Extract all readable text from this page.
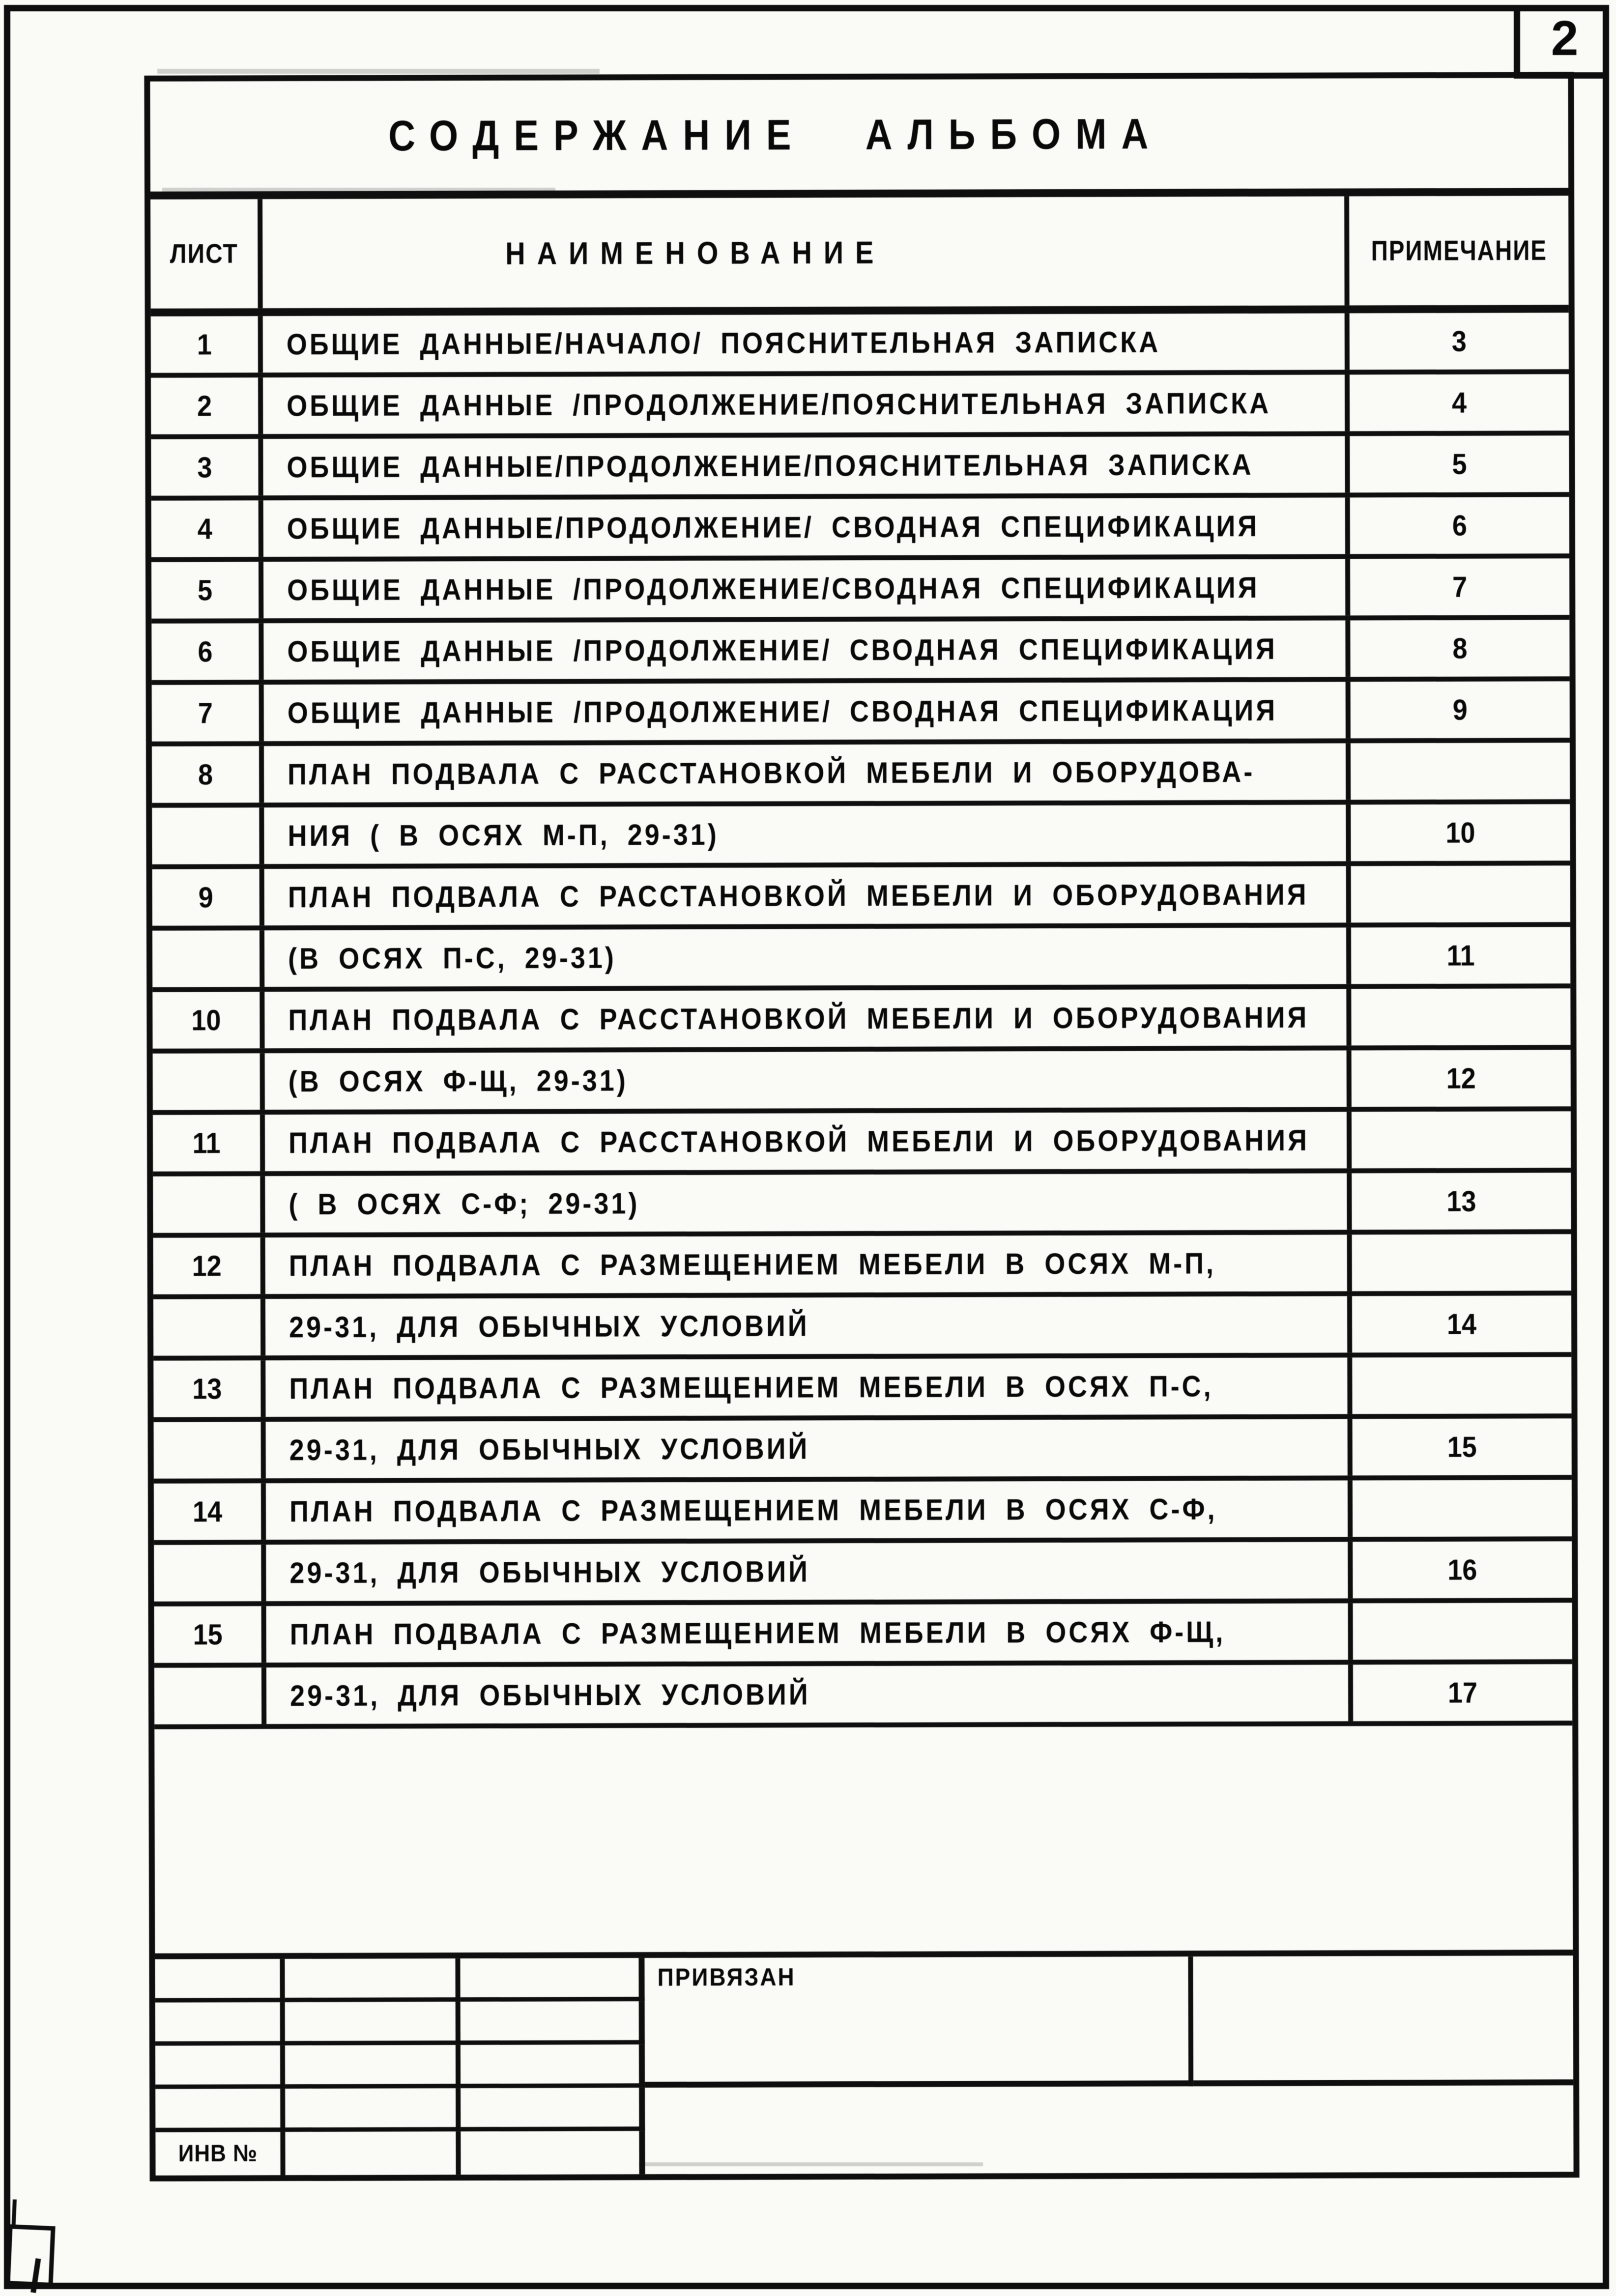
2
СОДЕРЖАНИЕ АЛЬБОМА
ЛИСТ	НАИМЕНОВАНИЕ	ПРИМЕЧАНИЕ
1	ОБЩИЕ ДАННЫЕ/НАЧАЛО/ ПОЯСНИТЕЛЬНАЯ ЗАПИСКА	3
2	ОБЩИЕ ДАННЫЕ /ПРОДОЛЖЕНИЕ/ПОЯСНИТЕЛЬНАЯ ЗАПИСКА	4
3	ОБЩИЕ ДАННЫЕ/ПРОДОЛЖЕНИЕ/ПОЯСНИТЕЛЬНАЯ ЗАПИСКА	5
4	ОБЩИЕ ДАННЫЕ/ПРОДОЛЖЕНИЕ/ СВОДНАЯ СПЕЦИФИКАЦИЯ	6
5	ОБЩИЕ ДАННЫЕ /ПРОДОЛЖЕНИЕ/СВОДНАЯ СПЕЦИФИКАЦИЯ	7
6	ОБЩИЕ ДАННЫЕ /ПРОДОЛЖЕНИЕ/ СВОДНАЯ СПЕЦИФИКАЦИЯ	8
7	ОБЩИЕ ДАННЫЕ /ПРОДОЛЖЕНИЕ/ СВОДНАЯ СПЕЦИФИКАЦИЯ	9
8	ПЛАН ПОДВАЛА С РАССТАНОВКОЙ МЕБЕЛИ И ОБОРУДОВА-
НИЯ ( В ОСЯХ М-П, 29-31)	10
9	ПЛАН ПОДВАЛА С РАССТАНОВКОЙ МЕБЕЛИ И ОБОРУДОВАНИЯ
(В ОСЯХ П-С, 29-31)	11
10	ПЛАН ПОДВАЛА С РАССТАНОВКОЙ МЕБЕЛИ И ОБОРУДОВАНИЯ
(В ОСЯХ Ф-Щ, 29-31)	12
11	ПЛАН ПОДВАЛА С РАССТАНОВКОЙ МЕБЕЛИ И ОБОРУДОВАНИЯ
( В ОСЯХ С-Ф; 29-31)	13
12	ПЛАН ПОДВАЛА С РАЗМЕЩЕНИЕМ МЕБЕЛИ В ОСЯХ М-П,
29-31, ДЛЯ ОБЫЧНЫХ УСЛОВИЙ	14
13	ПЛАН ПОДВАЛА С РАЗМЕЩЕНИЕМ МЕБЕЛИ В ОСЯХ П-С,
29-31, ДЛЯ ОБЫЧНЫХ УСЛОВИЙ	15
14	ПЛАН ПОДВАЛА С РАЗМЕЩЕНИЕМ МЕБЕЛИ В ОСЯХ С-Ф,
29-31, ДЛЯ ОБЫЧНЫХ УСЛОВИЙ	16
15	ПЛАН ПОДВАЛА С РАЗМЕЩЕНИЕМ МЕБЕЛИ В ОСЯХ Ф-Щ,
29-31, ДЛЯ ОБЫЧНЫХ УСЛОВИЙ	17
ИНВ №
ПРИВЯЗАН
